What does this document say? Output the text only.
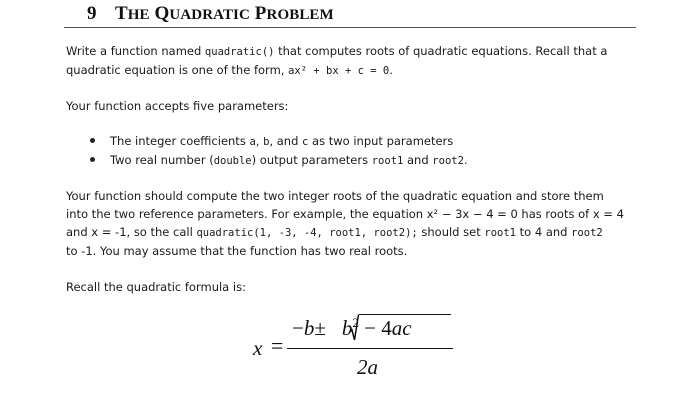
9 THE QUADRATIC PROBLEM

Write a function named quadratic() that computes roots of quadratic equations. Recall that a
quadratic equation is one of the form, ax² + bx + c = 0.

Your function accepts five parameters:

The integer coefficients a, b, and c as two input parameters
Two real number (double) output parameters root1 and root2.

Your function should compute the two integer roots of the quadratic equation and store them
into the two reference parameters. For example, the equation x² − 3x − 4 = 0 has roots of x = 4
and x = -1, so the call quadratic(1, -3, -4, root1, root2); should set root1 to 4 and root2
to -1. You may assume that the function has two real roots.

Recall the quadratic formula is:

x =
$-b\pm b^2 - 4ac$
2a
